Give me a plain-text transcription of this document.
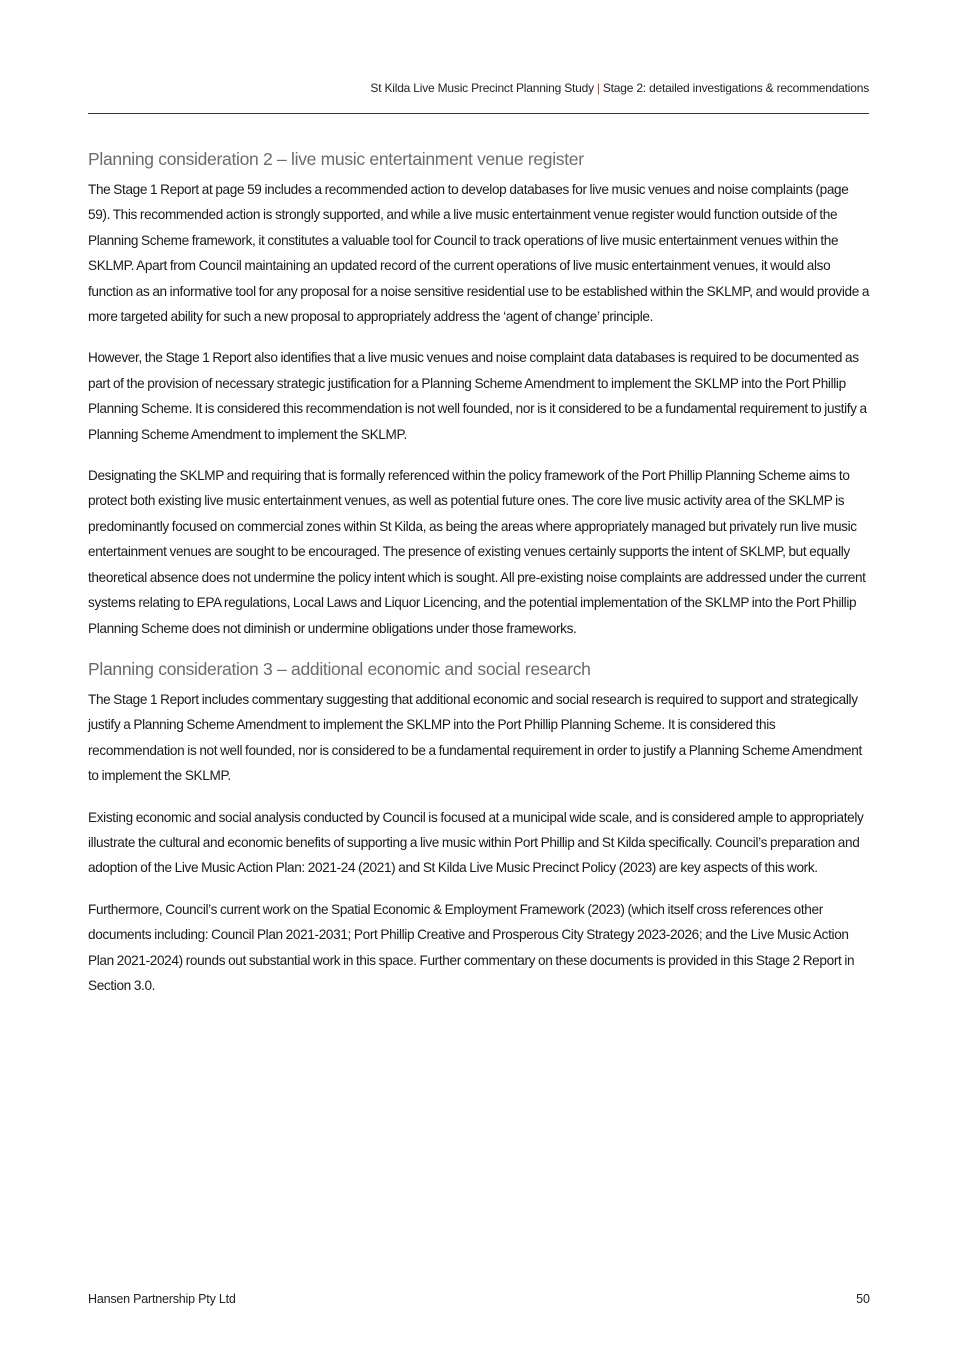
St Kilda Live Music Precinct Planning Study | Stage 2: detailed investigations & recommendations
Planning consideration 2 – live music entertainment venue register

The Stage 1 Report at page 59 includes a recommended action to develop databases for live music venues and noise complaints (page 59). This recommended action is strongly supported, and while a live music entertainment venue register would function outside of the Planning Scheme framework, it constitutes a valuable tool for Council to track operations of live music entertainment venues within the SKLMP. Apart from Council maintaining an updated record of the current operations of live music entertainment venues, it would also function as an informative tool for any proposal for a noise sensitive residential use to be established within the SKLMP, and would provide a more targeted ability for such a new proposal to appropriately address the ‘agent of change’ principle.

However, the Stage 1 Report also identifies that a live music venues and noise complaint data databases is required to be documented as part of the provision of necessary strategic justification for a Planning Scheme Amendment to implement the SKLMP into the Port Phillip Planning Scheme. It is considered this recommendation is not well founded, nor is it considered to be a fundamental requirement to justify a Planning Scheme Amendment to implement the SKLMP.

Designating the SKLMP and requiring that is formally referenced within the policy framework of the Port Phillip Planning Scheme aims to protect both existing live music entertainment venues, as well as potential future ones. The core live music activity area of the SKLMP is predominantly focused on commercial zones within St Kilda, as being the areas where appropriately managed but privately run live music entertainment venues are sought to be encouraged. The presence of existing venues certainly supports the intent of SKLMP, but equally theoretical absence does not undermine the policy intent which is sought. All pre-existing noise complaints are addressed under the current systems relating to EPA regulations, Local Laws and Liquor Licencing, and the potential implementation of the SKLMP into the Port Phillip Planning Scheme does not diminish or undermine obligations under those frameworks.

Planning consideration 3 – additional economic and social research

The Stage 1 Report includes commentary suggesting that additional economic and social research is required to support and strategically justify a Planning Scheme Amendment to implement the SKLMP into the Port Phillip Planning Scheme. It is considered this recommendation is not well founded, nor is considered to be a fundamental requirement in order to justify a Planning Scheme Amendment to implement the SKLMP.

Existing economic and social analysis conducted by Council is focused at a municipal wide scale, and is considered ample to appropriately illustrate the cultural and economic benefits of supporting a live music within Port Phillip and St Kilda specifically. Council’s preparation and adoption of the Live Music Action Plan: 2021-24 (2021) and St Kilda Live Music Precinct Policy (2023) are key aspects of this work.

Furthermore, Council’s current work on the Spatial Economic & Employment Framework (2023) (which itself cross references other documents including: Council Plan 2021-2031; Port Phillip Creative and Prosperous City Strategy 2023-2026; and the Live Music Action Plan 2021-2024) rounds out substantial work in this space. Further commentary on these documents is provided in this Stage 2 Report in Section 3.0.

Hansen Partnership Pty Ltd	50
